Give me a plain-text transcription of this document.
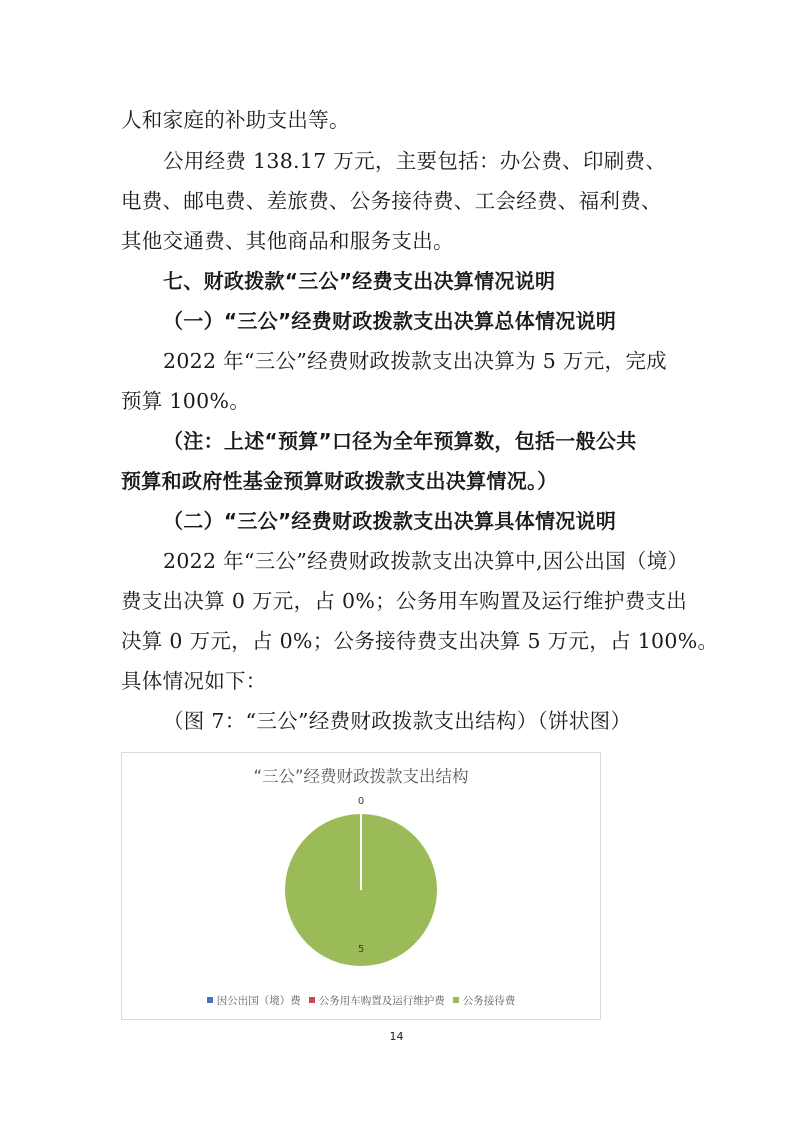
人和家庭的补助支出等。
公用经费 138.17 万元，主要包括：办公费、印刷费、
电费、邮电费、差旅费、公务接待费、工会经费、福利费、
其他交通费、其他商品和服务支出。
七、财政拨款“三公”经费支出决算情况说明
（一）“三公”经费财政拨款支出决算总体情况说明
2022 年“三公”经费财政拨款支出决算为 5 万元，完成
预算 100%。
（注：上述“预算”口径为全年预算数，包括一般公共
预算和政府性基金预算财政拨款支出决算情况。）
（二）“三公”经费财政拨款支出决算具体情况说明
2022 年“三公”经费财政拨款支出决算中,因公出国（境）
费支出决算 0 万元，占 0%；公务用车购置及运行维护费支出
决算 0 万元，占 0%；公务接待费支出决算 5 万元，占 100%。
具体情况如下：
（图 7：“三公”经费财政拨款支出结构）（饼状图）
“三公”经费财政拨款支出结构
0
5
因公出国（境）费 公务用车购置及运行维护费 公务接待费
14
